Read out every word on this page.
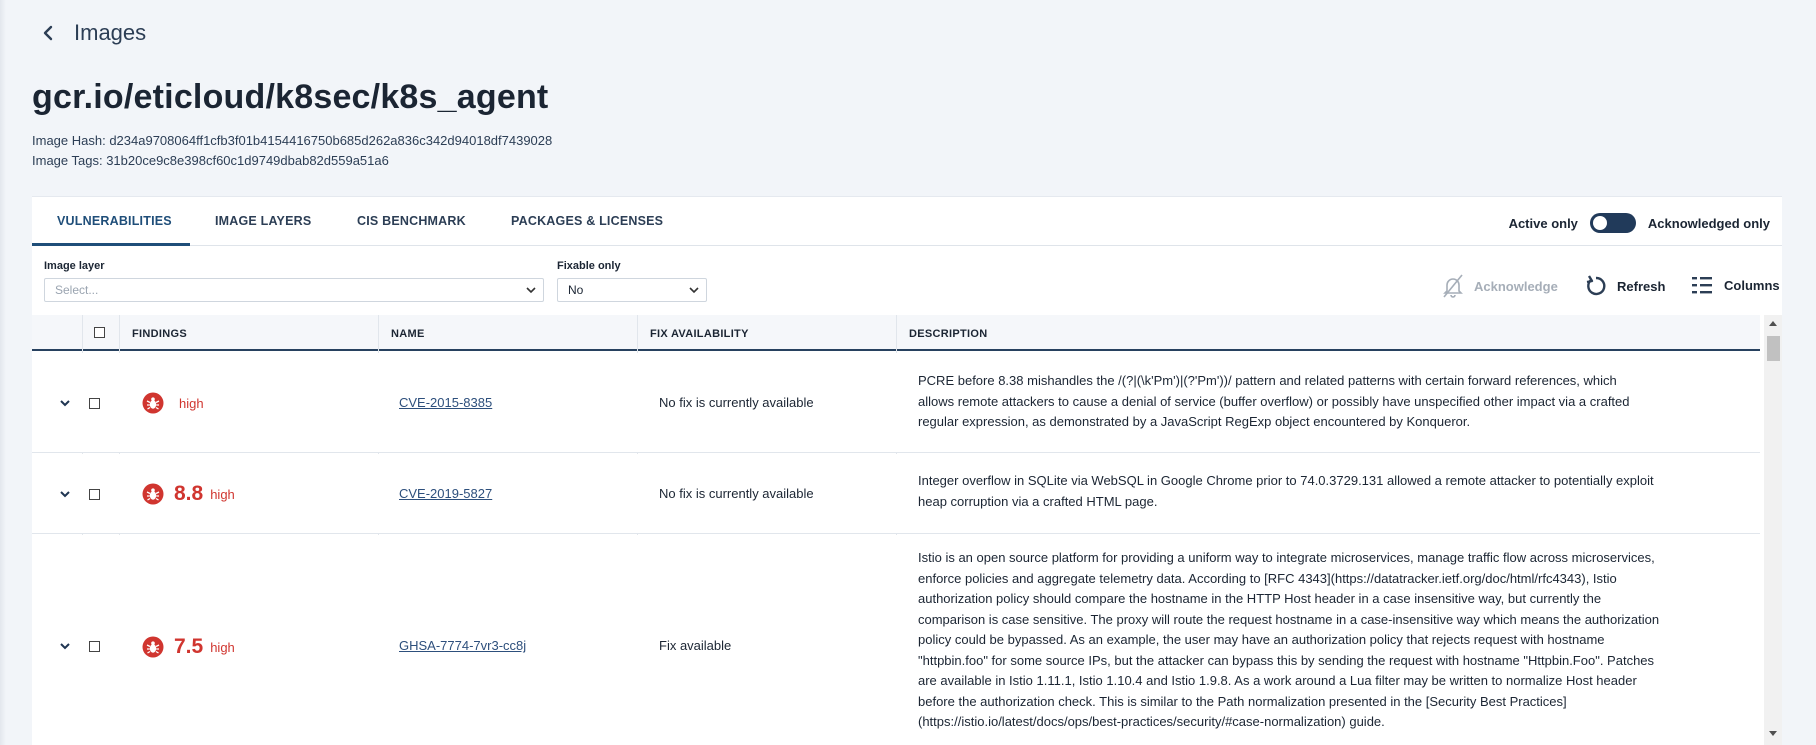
Images
gcr.io/eticloud/k8sec/k8s_agent
Image Hash: d234a9708064ff1cfb3f01b4154416750b685d262a836c342d94018df7439028
Image Tags: 31b20ce9c8e398cf60c1d9749dbab82d559a51a6
VULNERABILITIES	IMAGE LAYERS	CIS BENCHMARK	PACKAGES & LICENSES	Active only	Acknowledged only
Image layer
Select...
Fixable only
No	Acknowledge	Refresh	Columns
FINDINGS	NAME	FIX AVAILABILITY	DESCRIPTION
high	CVE-2015-8385	No fix is currently available
PCRE before 8.38 mishandles the /(?|(\k'Pm')|(?'Pm'))/ pattern and related patterns with certain forward references, which
allows remote attackers to cause a denial of service (buffer overflow) or possibly have unspecified other impact via a crafted
regular expression, as demonstrated by a JavaScript RegExp object encountered by Konqueror.
8.8 high	CVE-2019-5827	No fix is currently available
Integer overflow in SQLite via WebSQL in Google Chrome prior to 74.0.3729.131 allowed a remote attacker to potentially exploit
heap corruption via a crafted HTML page.
7.5 high	GHSA-7774-7vr3-cc8j	Fix available
Istio is an open source platform for providing a uniform way to integrate microservices, manage traffic flow across microservices,
enforce policies and aggregate telemetry data. According to [RFC 4343](https://datatracker.ietf.org/doc/html/rfc4343), Istio
authorization policy should compare the hostname in the HTTP Host header in a case insensitive way, but currently the
comparison is case sensitive. The proxy will route the request hostname in a case-insensitive way which means the authorization
policy could be bypassed. As an example, the user may have an authorization policy that rejects request with hostname
"httpbin.foo" for some source IPs, but the attacker can bypass this by sending the request with hostname "Httpbin.Foo". Patches
are available in Istio 1.11.1, Istio 1.10.4 and Istio 1.9.8. As a work around a Lua filter may be written to normalize Host header
before the authorization check. This is similar to the Path normalization presented in the [Security Best Practices]
(https://istio.io/latest/docs/ops/best-practices/security/#case-normalization) guide.
